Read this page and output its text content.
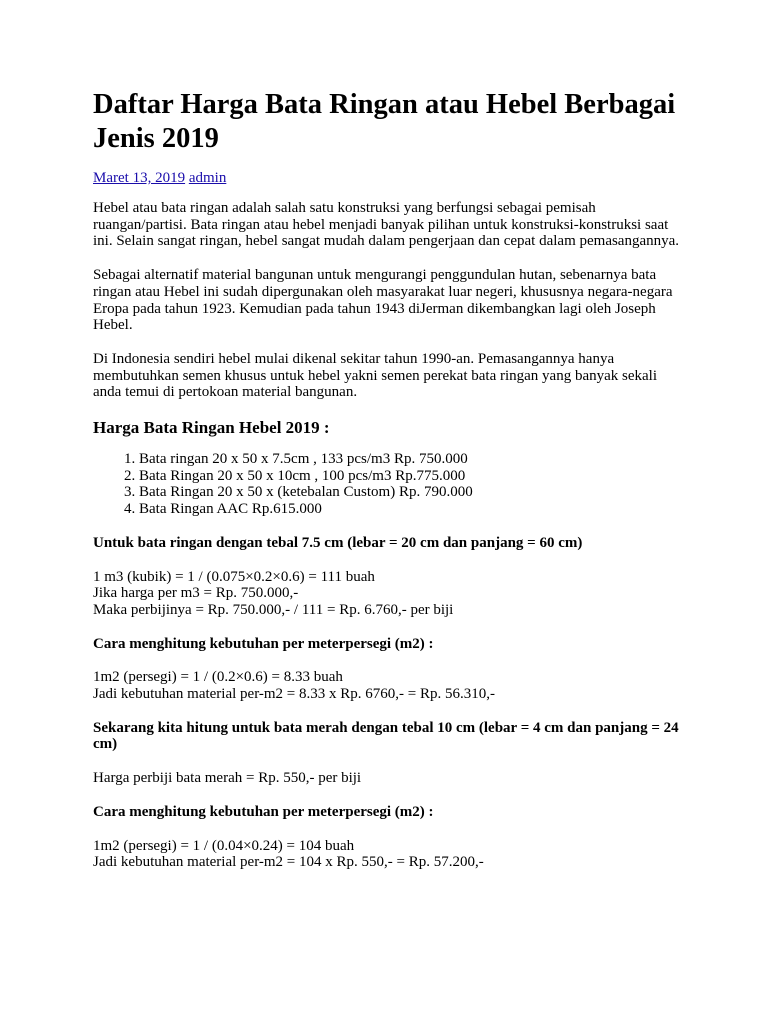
Daftar Harga Bata Ringan atau Hebel Berbagai Jenis 2019
Maret 13, 2019 admin

Hebel atau bata ringan adalah salah satu konstruksi yang berfungsi sebagai pemisah ruangan/partisi. Bata ringan atau hebel menjadi banyak pilihan untuk konstruksi-konstruksi saat ini. Selain sangat ringan, hebel sangat mudah dalam pengerjaan dan cepat dalam pemasangannya.

Sebagai alternatif material bangunan untuk mengurangi penggundulan hutan, sebenarnya bata ringan atau Hebel ini sudah dipergunakan oleh masyarakat luar negeri, khususnya negara-negara Eropa pada tahun 1923. Kemudian pada tahun 1943 diJerman dikembangkan lagi oleh Joseph Hebel.

Di Indonesia sendiri hebel mulai dikenal sekitar tahun 1990-an. Pemasangannya hanya membutuhkan semen khusus untuk hebel yakni semen perekat bata ringan yang banyak sekali anda temui di pertokoan material bangunan.

Harga Bata Ringan Hebel 2019 :
1. Bata ringan 20 x 50 x 7.5cm , 133 pcs/m3 Rp. 750.000
2. Bata Ringan 20 x 50 x 10cm , 100 pcs/m3 Rp.775.000
3. Bata Ringan 20 x 50 x (ketebalan Custom) Rp. 790.000
4. Bata Ringan AAC Rp.615.000

Untuk bata ringan dengan tebal 7.5 cm (lebar = 20 cm dan panjang = 60 cm)

1 m3 (kubik) = 1 / (0.075×0.2×0.6) = 111 buah

Jika harga per m3 = Rp. 750.000,-

Maka perbijinya = Rp. 750.000,- / 111 = Rp. 6.760,- per biji

Cara menghitung kebutuhan per meterpersegi (m2) :

1m2 (persegi) = 1 / (0.2×0.6) = 8.33 buah

Jadi kebutuhan material per-m2 = 8.33 x Rp. 6760,- = Rp. 56.310,-

Sekarang kita hitung untuk bata merah dengan tebal 10 cm (lebar = 4 cm dan panjang = 24 cm)

Harga perbiji bata merah = Rp. 550,- per biji

Cara menghitung kebutuhan per meterpersegi (m2) :

1m2 (persegi) = 1 / (0.04×0.24) = 104 buah

Jadi kebutuhan material per-m2 = 104 x Rp. 550,- = Rp. 57.200,-
